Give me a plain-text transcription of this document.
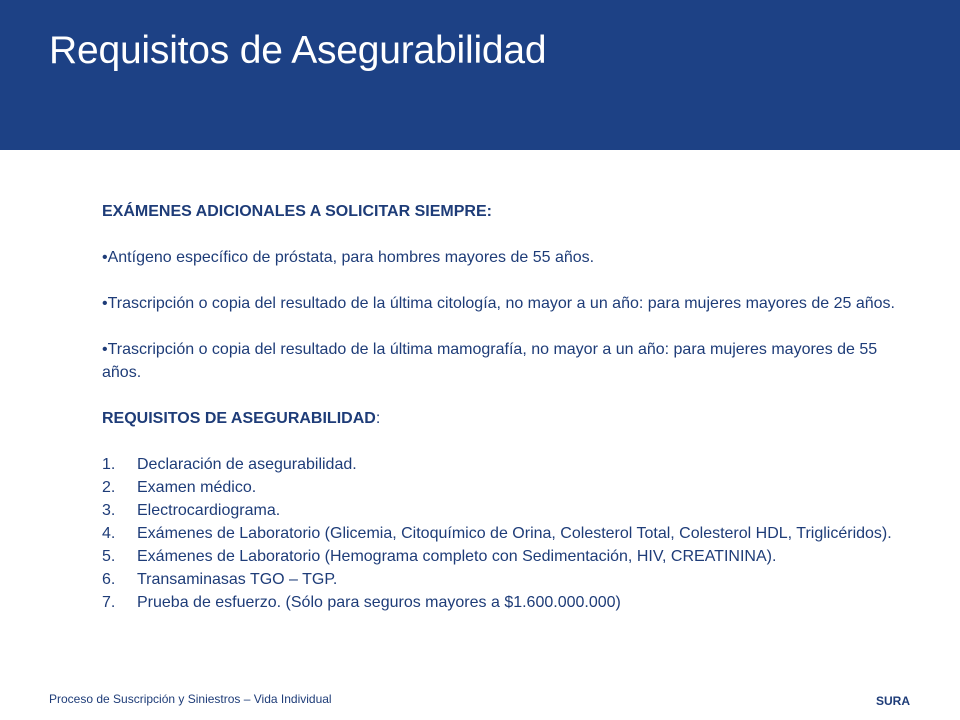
Requisitos de Asegurabilidad

EXÁMENES ADICIONALES A SOLICITAR SIEMPRE:

•Antígeno específico de próstata, para hombres mayores de 55 años.

•Trascripción o copia del resultado de la última citología, no mayor a un año: para mujeres mayores de 25 años.

•Trascripción o copia del resultado de la última mamografía, no mayor a un año: para mujeres mayores de 55 años.

REQUISITOS DE ASEGURABILIDAD:

1.	Declaración de asegurabilidad.
2.	Examen médico.
3.	Electrocardiograma.
4.	Exámenes de Laboratorio (Glicemia, Citoquímico de Orina, Colesterol Total, Colesterol HDL, Triglicéridos).
5.	Exámenes de Laboratorio (Hemograma completo con Sedimentación, HIV, CREATININA).
6.	Transaminasas TGO – TGP.
7.	Prueba de esfuerzo. (Sólo para seguros mayores a $1.600.000.000)
Proceso de Suscripción y Siniestros – Vida Individual	SURA
